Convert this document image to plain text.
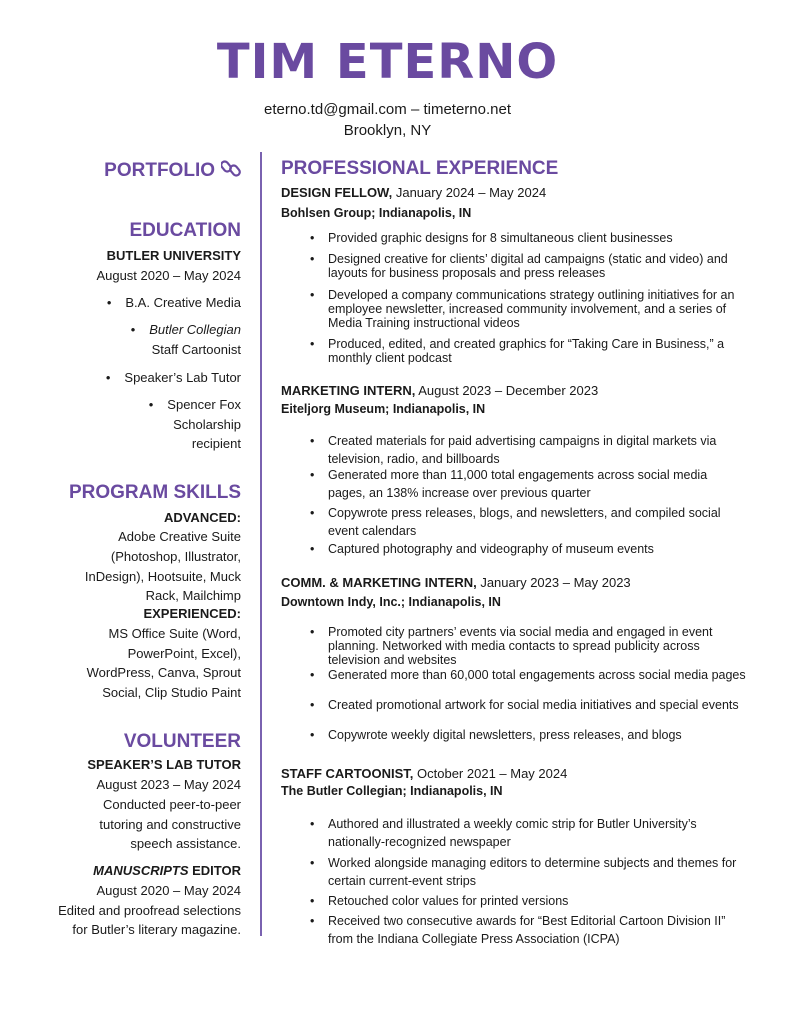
TIM ETERNO
eterno.td@gmail.com – timeterno.net
Brooklyn, NY
PORTFOLIO
EDUCATION
BUTLER UNIVERSITY
August 2020 – May 2024
• B.A. Creative Media
• Butler Collegian
Staff Cartoonist
• Speaker’s Lab Tutor
• Spencer Fox
Scholarship
recipient
PROGRAM SKILLS
ADVANCED:
Adobe Creative Suite
(Photoshop, Illustrator,
InDesign), Hootsuite, Muck
Rack, Mailchimp
EXPERIENCED:
MS Office Suite (Word,
PowerPoint, Excel),
WordPress, Canva, Sprout
Social, Clip Studio Paint
VOLUNTEER
SPEAKER’S LAB TUTOR
August 2023 – May 2024
Conducted peer-to-peer
tutoring and constructive
speech assistance.
MANUSCRIPTS EDITOR
August 2020 – May 2024
Edited and proofread selections
for Butler’s literary magazine.
PROFESSIONAL EXPERIENCE
DESIGN FELLOW, January 2024 – May 2024
Bohlsen Group; Indianapolis, IN
• Provided graphic designs for 8 simultaneous client businesses
• Designed creative for clients’ digital ad campaigns (static and video) and layouts for business proposals and press releases
• Developed a company communications strategy outlining initiatives for an employee newsletter, increased community involvement, and a series of Media Training instructional videos
• Produced, edited, and created graphics for “Taking Care in Business,” a monthly client podcast
MARKETING INTERN, August 2023 – December 2023
Eiteljorg Museum; Indianapolis, IN
• Created materials for paid advertising campaigns in digital markets via television, radio, and billboards
• Generated more than 11,000 total engagements across social media pages, an 138% increase over previous quarter
• Copywrote press releases, blogs, and newsletters, and compiled social event calendars
• Captured photography and videography of museum events
COMM. & MARKETING INTERN, January 2023 – May 2023
Downtown Indy, Inc.; Indianapolis, IN
• Promoted city partners’ events via social media and engaged in event planning. Networked with media contacts to spread publicity across television and websites
• Generated more than 60,000 total engagements across social media pages
• Created promotional artwork for social media initiatives and special events
• Copywrote weekly digital newsletters, press releases, and blogs
STAFF CARTOONIST, October 2021 – May 2024
The Butler Collegian; Indianapolis, IN
• Authored and illustrated a weekly comic strip for Butler University’s nationally-recognized newspaper
• Worked alongside managing editors to determine subjects and themes for certain current-event strips
• Retouched color values for printed versions
• Received two consecutive awards for “Best Editorial Cartoon Division II” from the Indiana Collegiate Press Association (ICPA)
